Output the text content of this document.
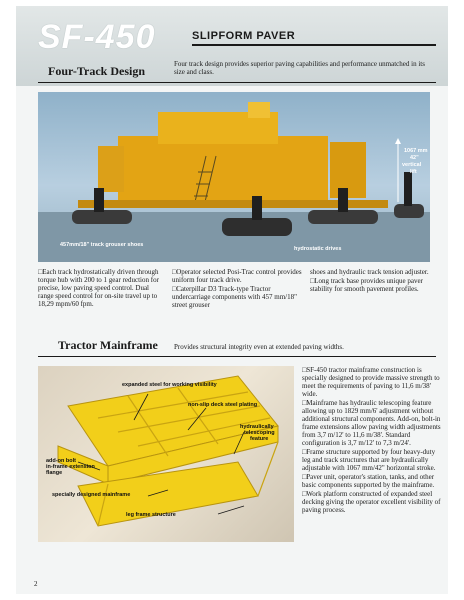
SF-450	SLIPFORM PAVER
Four-Track Design	Four track design provides superior paving capabilities and performance unmatched in its size and class.
457mm/18" track grouser shoes
hydrostatic drives
1067 mm
42"
vertical
lift

□ Each track hydrostatically driven through torque hub with 200 to 1 gear reduction for precise, low paving speed control. Dual range speed control for on-site travel up to 18,29 mpm/60 fpm.

□ Operator selected Posi-Trac control provides uniform four track drive.

□ Caterpillar D3 Track-type Tractor undercarriage components with 457 mm/18" street grouser

shoes and hydraulic track tension adjuster.

□ Long track base provides unique paver stability for smooth pavement profiles.

Tractor Mainframe Provides structural integrity even at extended paving widths.
expanded steel for working visibility
non-slip deck steel plating
hydraulically
telescoping
feature
add-on bolt
in-frame extension
flange
specially designed mainframe
leg frame structure

□ SF-450 tractor mainframe construction is specially designed to provide massive strength to meet the requirements of paving to 11,6 m/38' wide.

□ Mainframe has hydraulic telescoping feature allowing up to 1829 mm/6' adjustment without additional structural components. Add-on, bolt-in frame extensions allow paving width adjustments from 3,7 m/12' to 11,6 m/38'. Standard configuration is 3,7 m/12' to 7,3 m/24'.

□ Frame structure supported by four heavy-duty leg and track structures that are hydraulically adjustable with 1067 mm/42" horizontal stroke.

□ Paver unit, operator's station, tanks, and other basic components supported by the mainframe.

□ Work platform constructed of expanded steel decking giving the operator excellent visibility of paving process.

2
